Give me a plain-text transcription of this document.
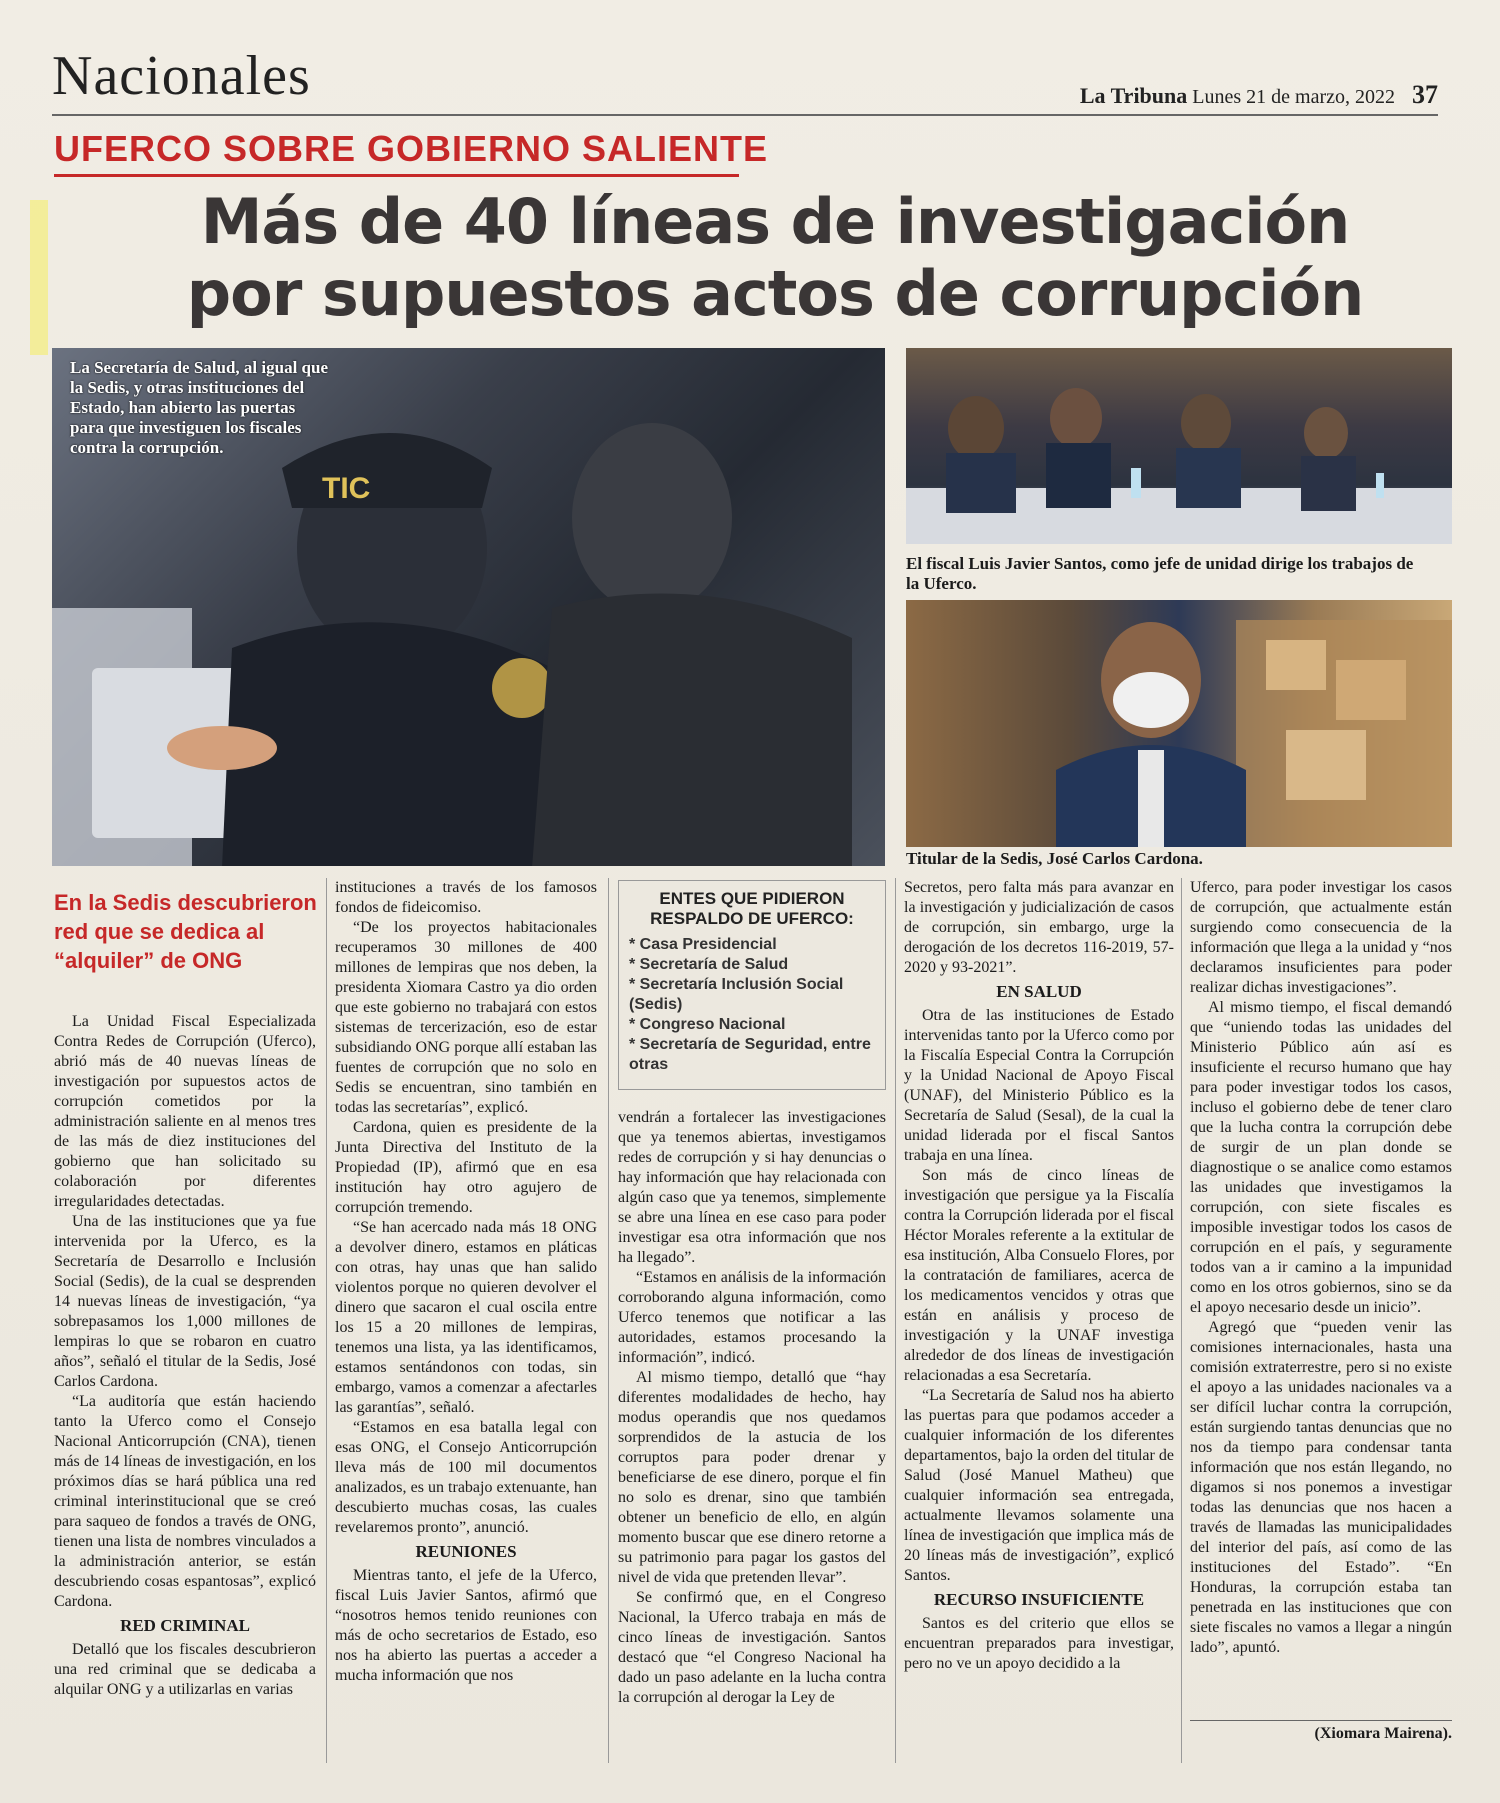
Nacionales	La Tribuna Lunes 21 de marzo, 2022 37
UFERCO SOBRE GOBIERNO SALIENTE
Más de 40 líneas de investigación
por supuestos actos de corrupción
TIC
La Secretaría de Salud, al igual que la Sedis, y otras instituciones del Estado, han abierto las puertas para que investiguen los fiscales contra la corrupción.
El fiscal Luis Javier Santos, como jefe de unidad dirige los trabajos de la Uferco.
Titular de la Sedis, José Carlos Cardona.
En la Sedis descubrieron red que se dedica al “alquiler” de ONG

La Unidad Fiscal Especializada Contra Redes de Corrupción (Uferco), abrió más de 40 nuevas líneas de investigación por supuestos actos de corrupción cometidos por la administración saliente en al menos tres de las más de diez instituciones del gobierno que han solicitado su colaboración por diferentes irregularidades detectadas.

Una de las instituciones que ya fue intervenida por la Uferco, es la Secretaría de Desarrollo e Inclusión Social (Sedis), de la cual se desprenden 14 nuevas líneas de investigación, “ya sobrepasamos los 1,000 millones de lempiras lo que se robaron en cuatro años”, señaló el titular de la Sedis, José Carlos Cardona.

“La auditoría que están haciendo tanto la Uferco como el Consejo Nacional Anticorrupción (CNA), tienen más de 14 líneas de investigación, en los próximos días se hará pública una red criminal interinstitucional que se creó para saqueo de fondos a través de ONG, tienen una lista de nombres vinculados a la administración anterior, se están descubriendo cosas espantosas”, explicó Cardona.

RED CRIMINAL

Detalló que los fiscales descubrieron una red criminal que se dedicaba a alquilar ONG y a utilizarlas en varias

instituciones a través de los famosos fondos de fideicomiso.

“De los proyectos habitacionales recuperamos 30 millones de 400 millones de lempiras que nos deben, la presidenta Xiomara Castro ya dio orden que este gobierno no trabajará con estos sistemas de tercerización, eso de estar subsidiando ONG porque allí estaban las fuentes de corrupción que no solo en Sedis se encuentran, sino también en todas las secretarías”, explicó.

Cardona, quien es presidente de la Junta Directiva del Instituto de la Propiedad (IP), afirmó que en esa institución hay otro agujero de corrupción tremendo.

“Se han acercado nada más 18 ONG a devolver dinero, estamos en pláticas con otras, hay unas que han salido violentos porque no quieren devolver el dinero que sacaron el cual oscila entre los 15 a 20 millones de lempiras, tenemos una lista, ya las identificamos, estamos sentándonos con todas, sin embargo, vamos a comenzar a afectarles las garantías”, señaló.

“Estamos en esa batalla legal con esas ONG, el Consejo Anticorrupción lleva más de 100 mil documentos analizados, es un trabajo extenuante, han descubierto muchas cosas, las cuales revelaremos pronto”, anunció.

REUNIONES

Mientras tanto, el jefe de la Uferco, fiscal Luis Javier Santos, afirmó que “nosotros hemos tenido reuniones con más de ocho secretarios de Estado, eso nos ha abierto las puertas a acceder a mucha información que nos

ENTES QUE PIDIERON RESPALDO DE UFERCO:
* Casa Presidencial
* Secretaría de Salud
* Secretaría Inclusión Social (Sedis)
* Congreso Nacional
* Secretaría de Seguridad, entre otras

vendrán a fortalecer las investigaciones que ya tenemos abiertas, investigamos redes de corrupción y si hay denuncias o hay información que hay relacionada con algún caso que ya tenemos, simplemente se abre una línea en ese caso para poder investigar esa otra información que nos ha llegado”.

“Estamos en análisis de la información corroborando alguna información, como Uferco tenemos que notificar a las autoridades, estamos procesando la información”, indicó.

Al mismo tiempo, detalló que “hay diferentes modalidades de hecho, hay modus operandis que nos quedamos sorprendidos de la astucia de los corruptos para poder drenar y beneficiarse de ese dinero, porque el fin no solo es drenar, sino que también obtener un beneficio de ello, en algún momento buscar que ese dinero retorne a su patrimonio para pagar los gastos del nivel de vida que pretenden llevar”.

Se confirmó que, en el Congreso Nacional, la Uferco trabaja en más de cinco líneas de investigación. Santos destacó que “el Congreso Nacional ha dado un paso adelante en la lucha contra la corrupción al derogar la Ley de

Secretos, pero falta más para avanzar en la investigación y judicialización de casos de corrupción, sin embargo, urge la derogación de los decretos 116-2019, 57-2020 y 93-2021”.

EN SALUD

Otra de las instituciones de Estado intervenidas tanto por la Uferco como por la Fiscalía Especial Contra la Corrupción y la Unidad Nacional de Apoyo Fiscal (UNAF), del Ministerio Público es la Secretaría de Salud (Sesal), de la cual la unidad liderada por el fiscal Santos trabaja en una línea.

Son más de cinco líneas de investigación que persigue ya la Fiscalía contra la Corrupción liderada por el fiscal Héctor Morales referente a la extitular de esa institución, Alba Consuelo Flores, por la contratación de familiares, acerca de los medicamentos vencidos y otras que están en análisis y proceso de investigación y la UNAF investiga alrededor de dos líneas de investigación relacionadas a esa Secretaría.

“La Secretaría de Salud nos ha abierto las puertas para que podamos acceder a cualquier información de los diferentes departamentos, bajo la orden del titular de Salud (José Manuel Matheu) que cualquier información sea entregada, actualmente llevamos solamente una línea de investigación que implica más de 20 líneas más de investigación”, explicó Santos.

RECURSO INSUFICIENTE

Santos es del criterio que ellos se encuentran preparados para investigar, pero no ve un apoyo decidido a la

Uferco, para poder investigar los casos de corrupción, que actualmente están surgiendo como consecuencia de la información que llega a la unidad y “nos declaramos insuficientes para poder realizar dichas investigaciones”.

Al mismo tiempo, el fiscal demandó que “uniendo todas las unidades del Ministerio Público aún así es insuficiente el recurso humano que hay para poder investigar todos los casos, incluso el gobierno debe de tener claro que la lucha contra la corrupción debe de surgir de un plan donde se diagnostique o se analice como estamos las unidades que investigamos la corrupción, con siete fiscales es imposible investigar todos los casos de corrupción en el país, y seguramente todos van a ir camino a la impunidad como en los otros gobiernos, sino se da el apoyo necesario desde un inicio”.

Agregó que “pueden venir las comisiones internacionales, hasta una comisión extraterrestre, pero si no existe el apoyo a las unidades nacionales va a ser difícil luchar contra la corrupción, están surgiendo tantas denuncias que no nos da tiempo para condensar tanta información que nos están llegando, no digamos si nos ponemos a investigar todas las denuncias que nos hacen a través de llamadas las municipalidades del interior del país, así como de las instituciones del Estado”. “En Honduras, la corrupción estaba tan penetrada en las instituciones que con siete fiscales no vamos a llegar a ningún lado”, apuntó.

(Xiomara Mairena).
